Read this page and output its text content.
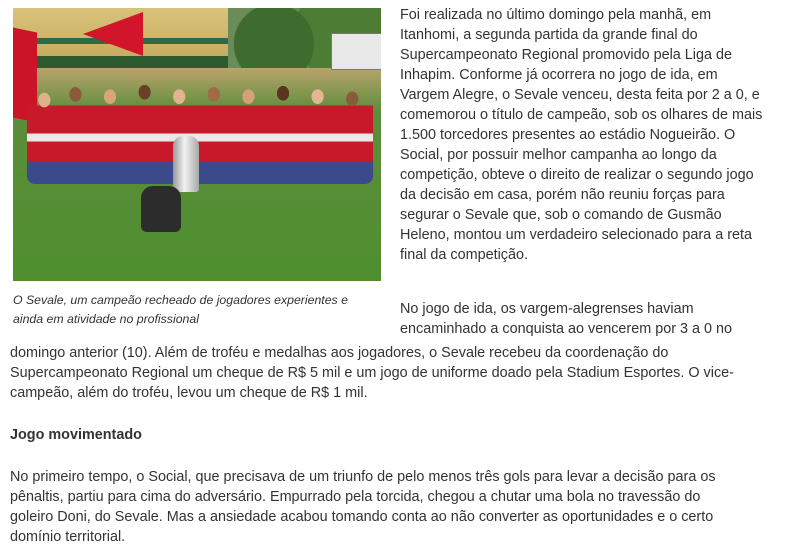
O Sevale, um campeão recheado de jogadores experientes e
ainda em atividade no profissional

Foi realizada no último domingo pela manhã, em
Itanhomi, a segunda partida da grande final do
Supercampeonato Regional promovido pela Liga de
Inhapim. Conforme já ocorrera no jogo de ida, em
Vargem Alegre, o Sevale venceu, desta feita por 2 a 0, e
comemorou o título de campeão, sob os olhares de mais
1.500 torcedores presentes ao estádio Nogueirão. O
Social, por possuir melhor campanha ao longo da
competição, obteve o direito de realizar o segundo jogo
da decisão em casa, porém não reuniu forças para
segurar o Sevale que, sob o comando de Gusmão
Heleno, montou um verdadeiro selecionado para a reta
final da competição.

No jogo de ida, os vargem-alegrenses haviam
encaminhado a conquista ao vencerem por 3 a 0 no

domingo anterior (10). Além de troféu e medalhas aos jogadores, o Sevale recebeu da coordenação do
Supercampeonato Regional um cheque de R$ 5 mil e um jogo de uniforme doado pela Stadium Esportes. O vice-
campeão, além do troféu, levou um cheque de R$ 1 mil.

Jogo movimentado

No primeiro tempo, o Social, que precisava de um triunfo de pelo menos três gols para levar a decisão para os
pênaltis, partiu para cima do adversário. Empurrado pela torcida, chegou a chutar uma bola no travessão do
goleiro Doni, do Sevale. Mas a ansiedade acabou tomando conta ao não converter as oportunidades e o certo
domínio territorial.
